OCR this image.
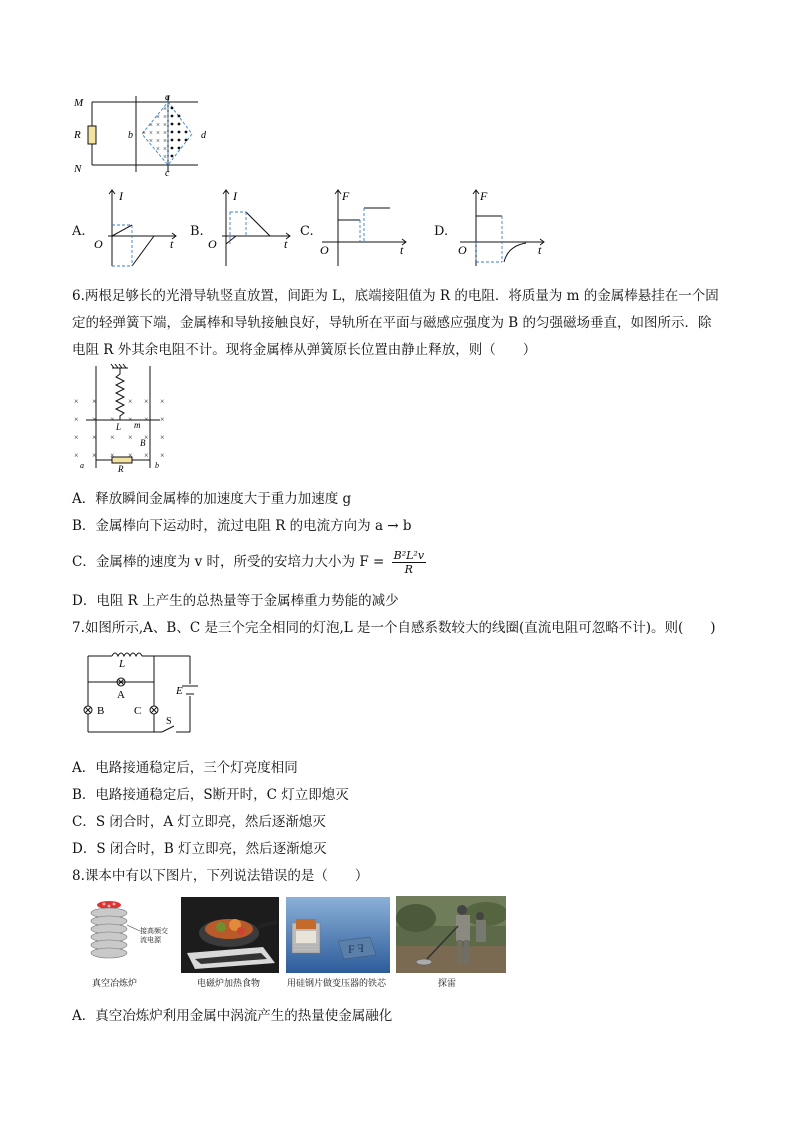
×
× ×
× × ×
× × × ×
× × ×
× ×
×
M
R
N
a
b
c
d
A.
I
O	t
B.
I
O	t
C.
F
O	t
D.
F
O	t
6.两根足够长的光滑导轨竖直放置，间距为 L，底端接阻值为 R 的电阻．将质量为 m 的金属棒悬挂在一个固
定的轻弹簧下端，金属棒和导轨接触良好，导轨所在平面与磁感应强度为 B 的匀强磁场垂直，如图所示．除
电阻 R 外其余电阻不计。现将金属棒从弹簧原长位置由静止释放，则（　　）
× ×	× × ×
× × × × × ×
× × × × × ×
× × × × × ×
L m
B
R
a	b
A．释放瞬间金属棒的加速度大于重力加速度 g
B．金属棒向下运动时，流过电阻 R 的电流方向为 a → b
C．金属棒的速度为 v 时，所受的安培力大小为 $F = \frac{\text{B²L²v}}{R}$
D．电阻 R 上产生的总热量等于金属棒重力势能的减少
7.如图所示,A、B、C 是三个完全相同的灯泡,L 是一个自感系数较大的线圈(直流电阻可忽略不计)。则(　　)
L
A
B	C
E
S
A．电路接通稳定后，三个灯亮度相同
B．电路接通稳定后，S断开时，C 灯立即熄灭
C．S 闭合时，A 灯立即亮，然后逐渐熄灭
D．S 闭合时，B 灯立即亮，然后逐渐熄灭
8.课本中有以下图片，下列说法错误的是（　　）
接高频交流电源
真空冶炼炉	电磁炉加热食物
F F
用硅钢片做变压器的铁芯	探雷
A．真空冶炼炉利用金属中涡流产生的热量使金属融化
